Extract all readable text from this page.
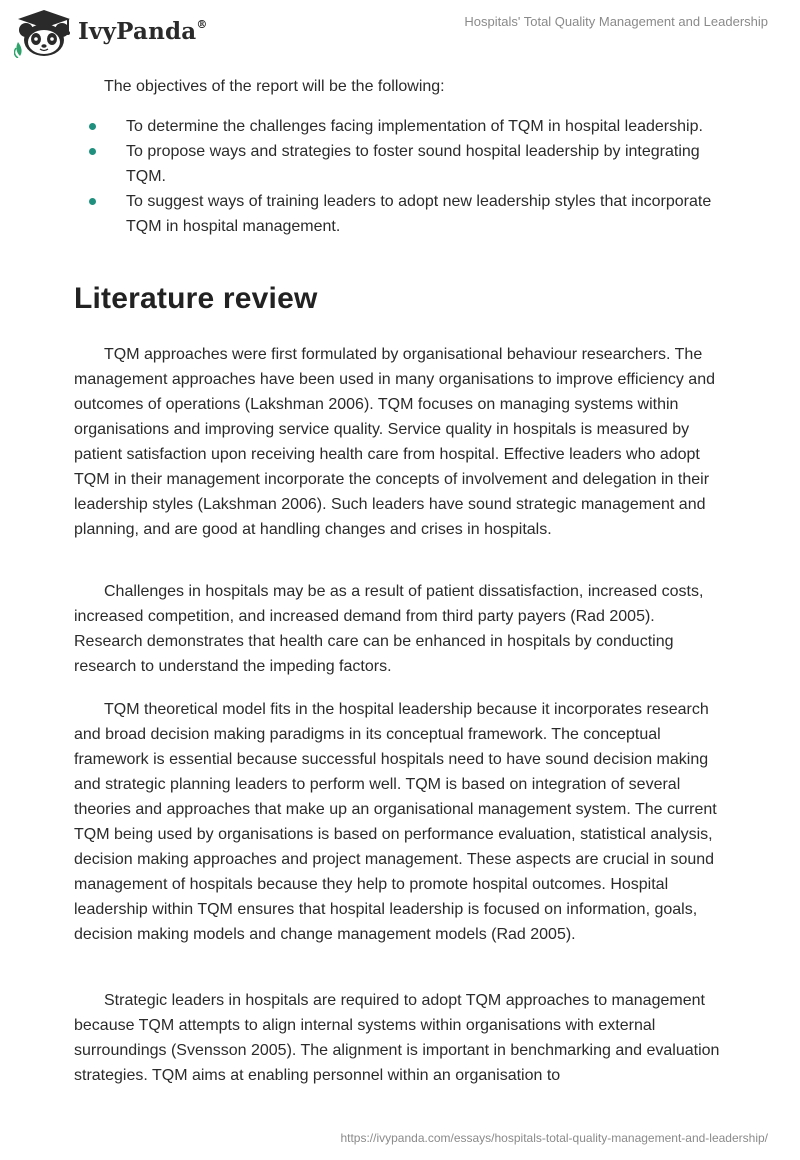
IvyPanda®	Hospitals' Total Quality Management and Leadership

The objectives of the report will be the following:

To determine the challenges facing implementation of TQM in hospital leadership.
To propose ways and strategies to foster sound hospital leadership by integrating TQM.
To suggest ways of training leaders to adopt new leadership styles that incorporate TQM in hospital management.
Literature review

TQM approaches were first formulated by organisational behaviour researchers. The management approaches have been used in many organisations to improve efficiency and outcomes of operations (Lakshman 2006). TQM focuses on managing systems within organisations and improving service quality. Service quality in hospitals is measured by patient satisfaction upon receiving health care from hospital. Effective leaders who adopt TQM in their management incorporate the concepts of involvement and delegation in their leadership styles (Lakshman 2006). Such leaders have sound strategic management and planning, and are good at handling changes and crises in hospitals.

Challenges in hospitals may be as a result of patient dissatisfaction, increased costs, increased competition, and increased demand from third party payers (Rad 2005). Research demonstrates that health care can be enhanced in hospitals by conducting research to understand the impeding factors.

TQM theoretical model fits in the hospital leadership because it incorporates research and broad decision making paradigms in its conceptual framework. The conceptual framework is essential because successful hospitals need to have sound decision making and strategic planning leaders to perform well. TQM is based on integration of several theories and approaches that make up an organisational management system. The current TQM being used by organisations is based on performance evaluation, statistical analysis, decision making approaches and project management. These aspects are crucial in sound management of hospitals because they help to promote hospital outcomes. Hospital leadership within TQM ensures that hospital leadership is focused on information, goals, decision making models and change management models (Rad 2005).

Strategic leaders in hospitals are required to adopt TQM approaches to management because TQM attempts to align internal systems within organisations with external surroundings (Svensson 2005). The alignment is important in benchmarking and evaluation strategies. TQM aims at enabling personnel within an organisation to

https://ivypanda.com/essays/hospitals-total-quality-management-and-leadership/
